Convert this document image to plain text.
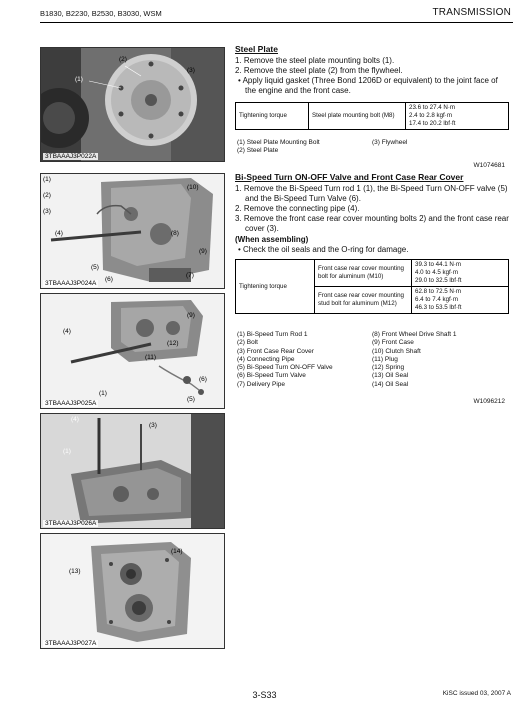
B1830, B2230, B2530, B3030, WSM	TRANSMISSION
(2)
(1)
(3)
3TBAAAJ3P022A
(1)
(2)
(3)
(4)
(5)
(6)
(7)
(8)
(9)
(10)
3TBAAAJ3P024A
(4)
(9)
(12)
(11)
(6)
(1)
(5)
3TBAAAJ3P025A
(4)
(3)
(1)
3TBAAAJ3P026A
(14)
(13)
3TBAAAJ3P027A
Steel Plate
1. Remove the steel plate mounting bolts (1).
2. Remove the steel plate (2) from the flywheel.
• Apply liquid gasket (Three Bond 1206D or equivalent) to the joint face of the engine and the front case.
Tightening torque	Steel plate mounting bolt (M8)	
23.6 to 27.4 N·m
2.4 to 2.8 kgf·m
17.4 to 20.2 lbf·ft
(1) Steel Plate Mounting Bolt
(2) Steel Plate
(3) Flywheel
W1074681
Bi-Speed Turn ON-OFF Valve and Front Case Rear Cover
1. Remove the Bi-Speed Turn rod 1 (1), the Bi-Speed Turn ON-OFF valve (5) and the Bi-Speed Turn Valve (6).
2. Remove the connecting pipe (4).
3. Remove the front case rear cover mounting bolts 2) and the front case rear cover (3).
(When assembling)
• Check the oil seals and the O-ring for damage.
Tightening torque	Front case rear cover mounting bolt for aluminum (M10)	39.3 to 44.1 N·m
4.0 to 4.5 kgf·m
29.0 to 32.5 lbf·ft

	Front case rear cover mounting stud bolt for aluminum (M12)	62.8 to 72.5 N·m
6.4 to 7.4 kgf·m
46.3 to 53.5 lbf·ft
(1) Bi-Speed Turn Rod 1
(2) Bolt
(3) Front Case Rear Cover
(4) Connecting Pipe
(5) Bi-Speed Turn ON-OFF Valve
(6) Bi-Speed Turn Valve
(7) Delivery Pipe
(8) Front Wheel Drive Shaft 1
(9) Front Case
(10) Clutch Shaft
(11) Plug
(12) Spring
(13) Oil Seal
(14) Oil Seal
W1096212
3-S33	KiSC issued 03, 2007 A
